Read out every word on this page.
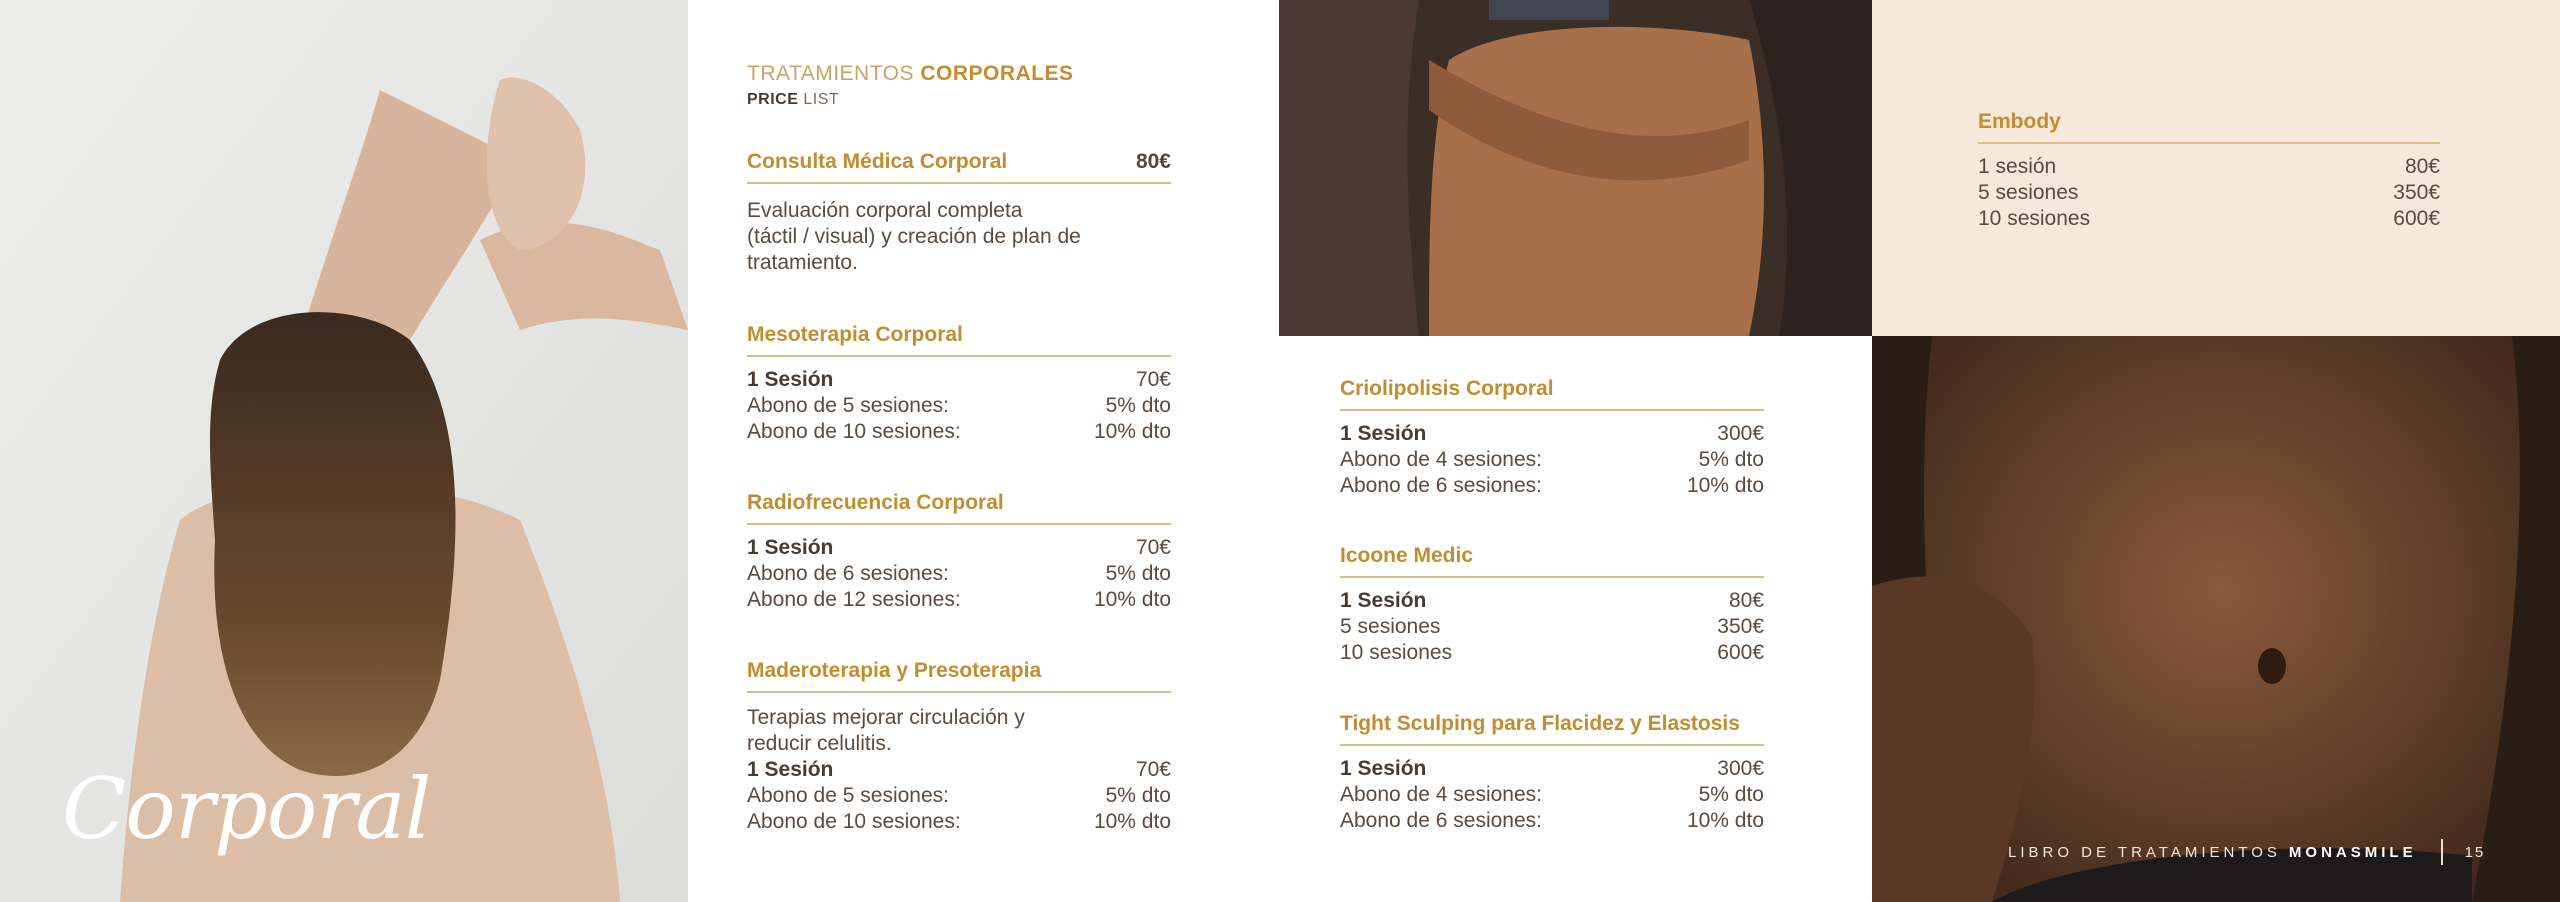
Corporal
TRATAMIENTOS CORPORALES
PRICE LIST
Consulta Médica Corporal	80€
Evaluación corporal completa
(táctil / visual) y creación de plan de
tratamiento.
Mesoterapia Corporal
1 Sesión	70€
Abono de 5 sesiones:	5% dto
Abono de 10 sesiones:	10% dto
Radiofrecuencia Corporal
1 Sesión	70€
Abono de 6 sesiones:	5% dto
Abono de 12 sesiones:	10% dto
Maderoterapia y Presoterapia
Terapias mejorar circulación y
reducir celulitis.
1 Sesión	70€
Abono de 5 sesiones:	5% dto
Abono de 10 sesiones:	10% dto
Criolipolisis Corporal
1 Sesión	300€
Abono de 4 sesiones:	5% dto
Abono de 6 sesiones:	10% dto
Icoone Medic
1 Sesión	80€
5 sesiones	350€
10 sesiones	600€
Tight Sculping para Flacidez y Elastosis
1 Sesión	300€
Abono de 4 sesiones:	5% dto
Abono de 6 sesiones:	10% dto
Embody
1 sesión	80€
5 sesiones	350€
10 sesiones	600€
LIBRO DE TRATAMIENTOS MONASMILE	15
